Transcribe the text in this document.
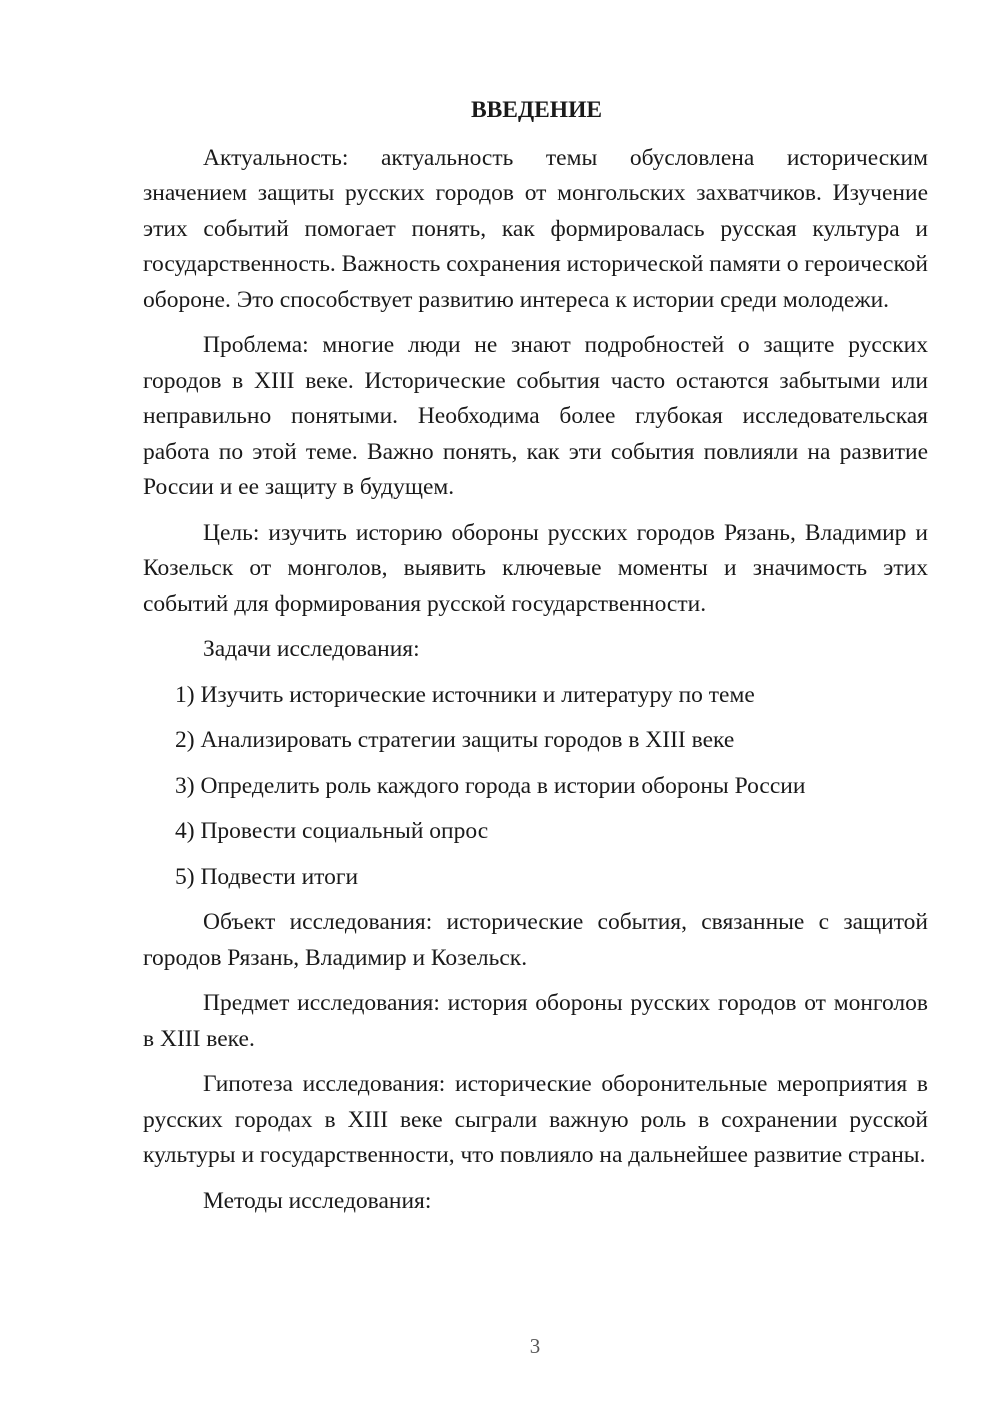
ВВЕДЕНИЕ

Актуальность: актуальность темы обусловлена историческим значением защиты русских городов от монгольских захватчиков. Изучение этих событий помогает понять, как формировалась русская культура и государственность. Важность сохранения исторической памяти о героической обороне. Это способствует развитию интереса к истории среди молодежи.

Проблема: многие люди не знают подробностей о защите русских городов в XIII веке. Исторические события часто остаются забытыми или неправильно понятыми. Необходима более глубокая исследовательская работа по этой теме. Важно понять, как эти события повлияли на развитие России и ее защиту в будущем.

Цель: изучить историю обороны русских городов Рязань, Владимир и Козельск от монголов, выявить ключевые моменты и значимость этих событий для формирования русской государственности.

Задачи исследования:

1) Изучить исторические источники и литературу по теме

2) Анализировать стратегии защиты городов в XIII веке

3) Определить роль каждого города в истории обороны России

4) Провести социальный опрос

5) Подвести итоги

Объект исследования: исторические события, связанные с защитой городов Рязань, Владимир и Козельск.

Предмет исследования: история обороны русских городов от монголов в XIII веке.

Гипотеза исследования: исторические оборонительные мероприятия в русских городах в XIII веке сыграли важную роль в сохранении русской культуры и государственности, что повлияло на дальнейшее развитие страны.

Методы исследования:

3
